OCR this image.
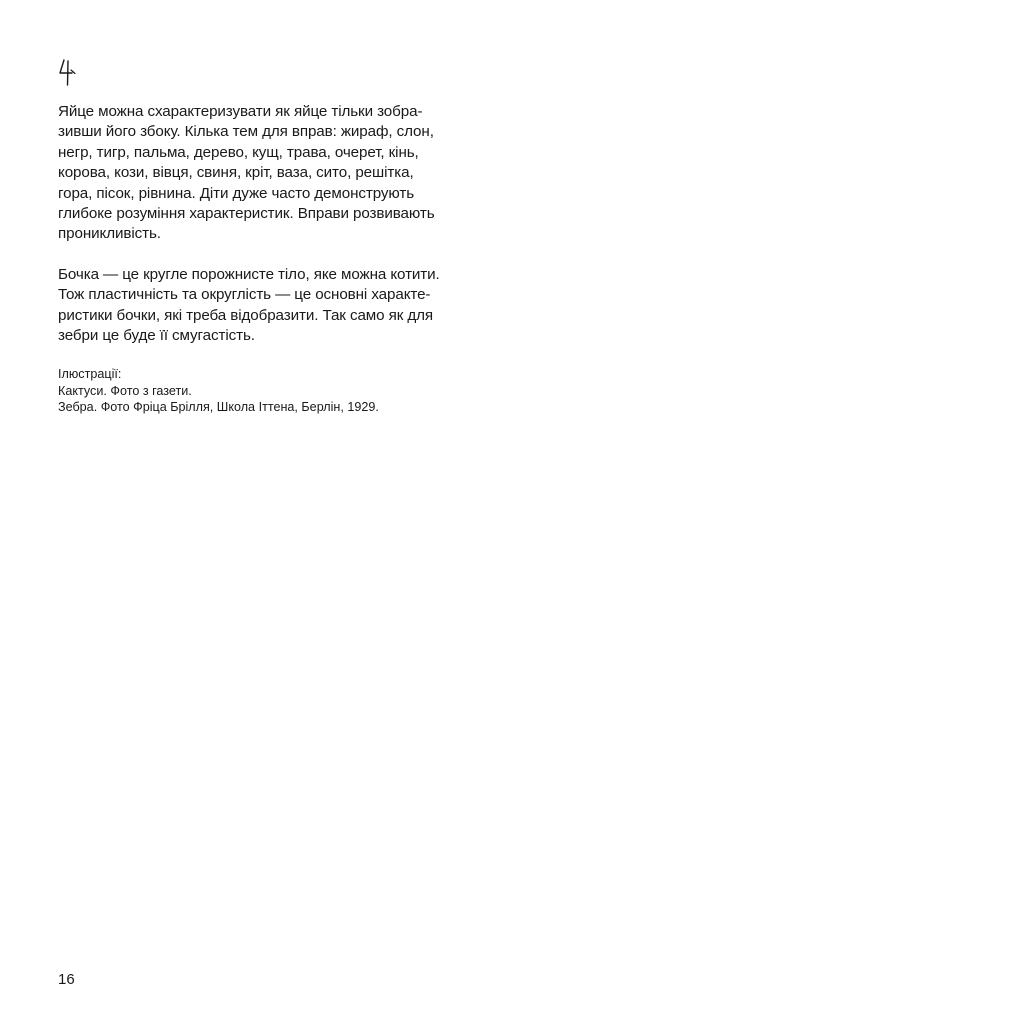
Яйце можна схарактеризувати як яйце тільки зобра-
зивши його збоку. Кілька тем для вправ: жираф, слон,
негр, тигр, пальма, дерево, кущ, трава, очерет, кінь,
корова, кози, вівця, свиня, кріт, ваза, сито, решітка,
гора, пісок, рівнина. Діти дуже часто демонструють
глибоке розуміння характеристик. Вправи розвивають
проникливість.

Бочка — це кругле порожнисте тіло, яке можна котити.
Тож пластичність та округлість — це основні характе-
ристики бочки, які треба відобразити. Так само як для
зебри це буде її смугастість.

Ілюстрації:
Кактуси. Фото з газети.
Зебра. Фото Фріца Брілля, Школа Іттена, Берлін, 1929.
16
